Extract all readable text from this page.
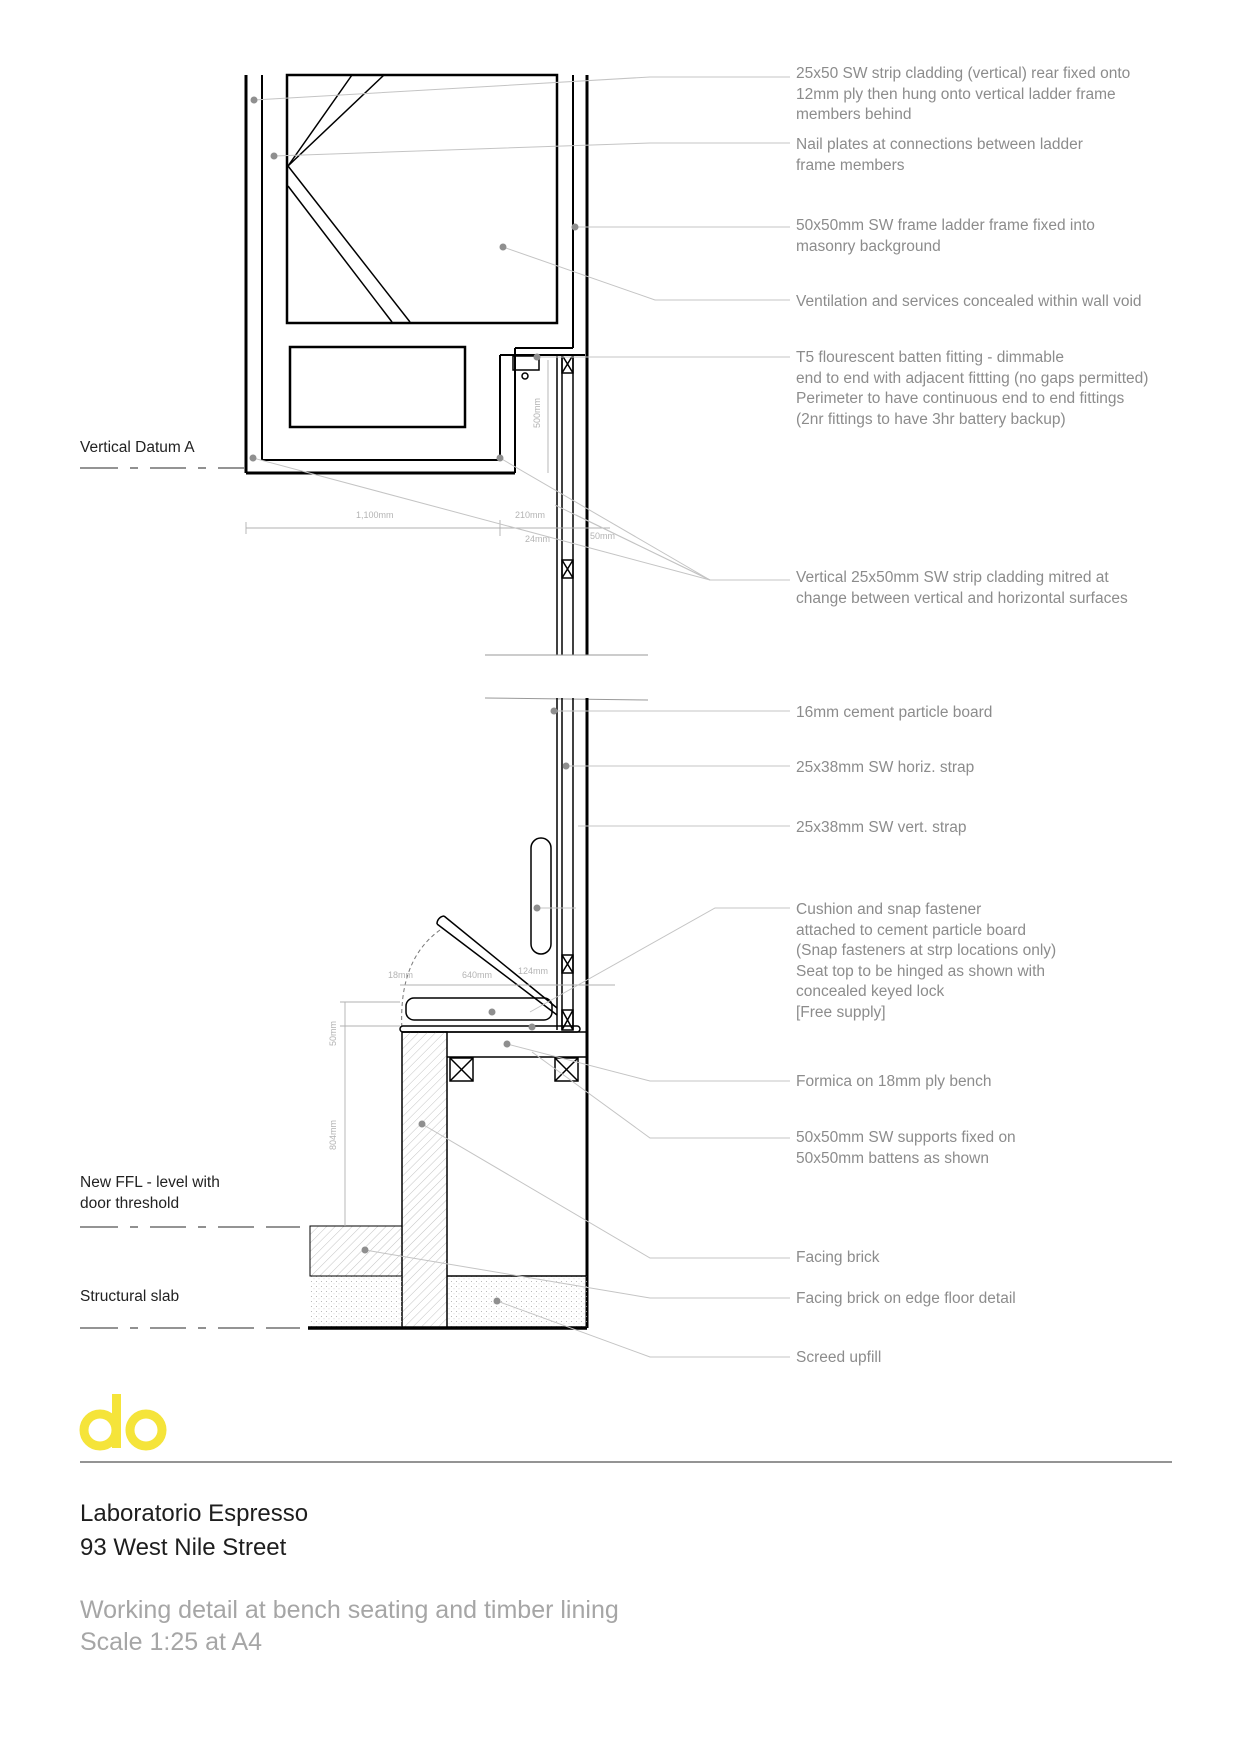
1,100mm	210mm
24mm	50mm
500mm
18mm	640mm	124mm
50mm
804mm

25x50 SW strip cladding (vertical) rear fixed onto
12mm ply then hung onto vertical ladder frame
members behind

Nail plates at connections between ladder
frame members

50x50mm SW frame ladder frame fixed into
masonry background

Ventilation and services concealed within wall void

T5 flourescent batten fitting - dimmable
end to end with adjacent fittting (no gaps permitted)
Perimeter to have continuous end to end fittings
(2nr fittings to have 3hr battery backup)

Vertical 25x50mm SW strip cladding mitred at
change between vertical and horizontal surfaces

16mm cement particle board

25x38mm SW horiz. strap

25x38mm SW vert. strap

Cushion and snap fastener
attached to cement particle board
(Snap fasteners at strp locations only)
Seat top to be hinged as shown with
concealed keyed lock
[Free supply]

Formica on 18mm ply bench

50x50mm SW supports fixed on
50x50mm battens as shown

Facing brick

Facing brick on edge floor detail

Screed upfill

Vertical Datum A
New FFL - level with
door threshold
Structural slab
Laboratorio Espresso
93 West Nile Street
Working detail at bench seating and timber lining
Scale 1:25 at A4
